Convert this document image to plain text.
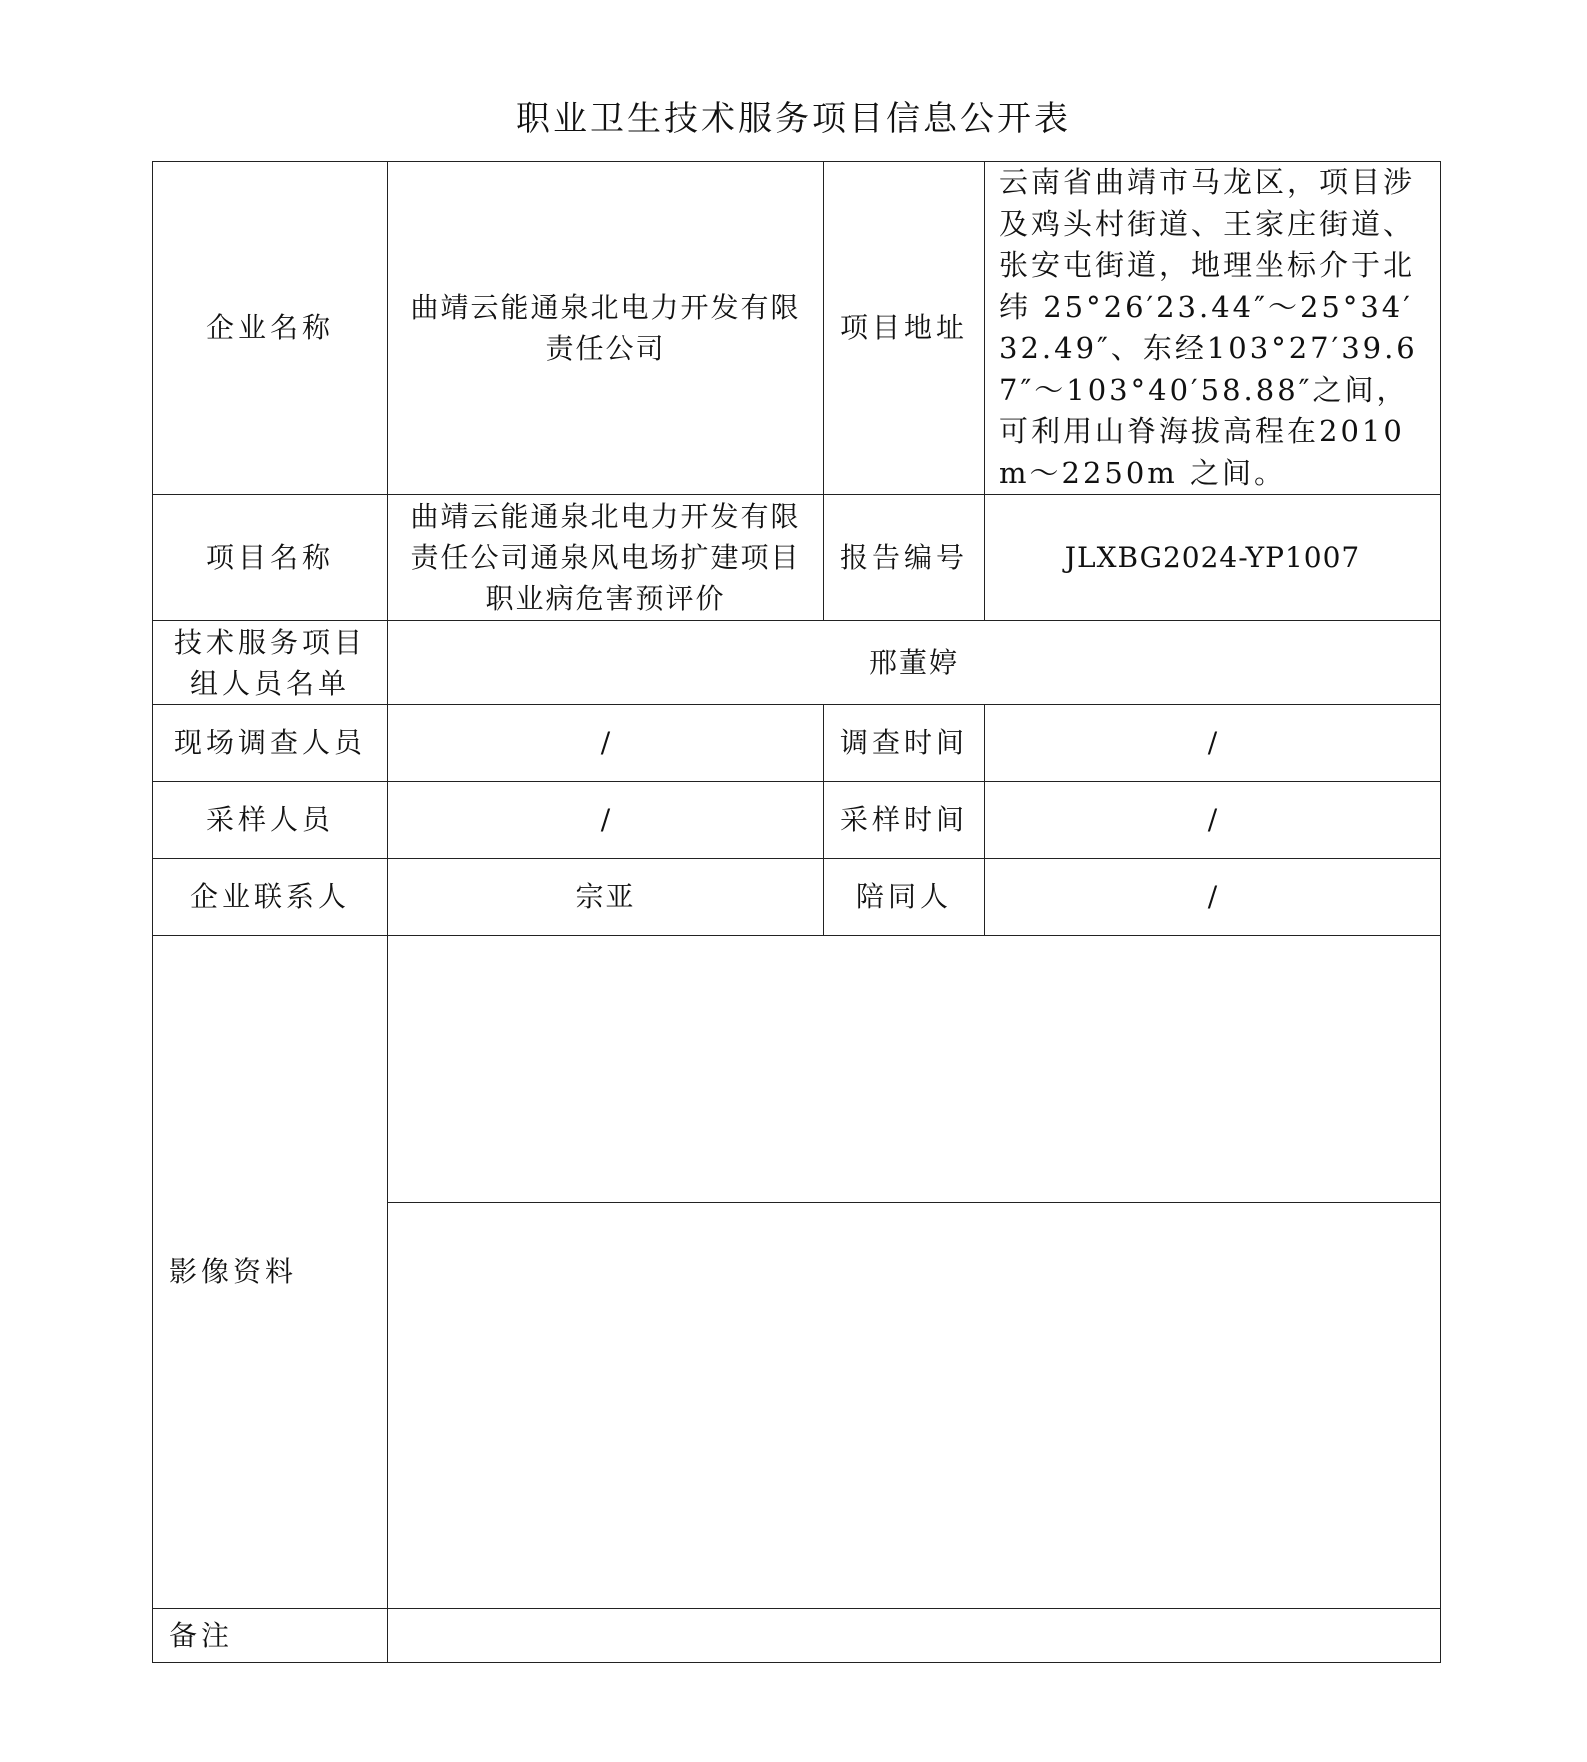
职业卫生技术服务项目信息公开表
企业名称	曲靖云能通泉北电力开发有限责任公司	项目地址	云南省曲靖市马龙区，项目涉及鸡头村街道、王家庄街道、张安屯街道，地理坐标介于北纬 25°26′23.44″～25°34′32.49″、东经103°27′39.67″～103°40′58.88″之间，可利用山脊海拔高程在2010m～2250m 之间。
项目名称	曲靖云能通泉北电力开发有限责任公司通泉风电场扩建项目职业病危害预评价	报告编号	JLXBG2024-YP1007
技术服务项目组人员名单	邢董婷		
现场调查人员	/	调查时间	/
采样人员	/	采样时间	/
企业联系人	宗亚	陪同人	/
影像资料			

备注			
